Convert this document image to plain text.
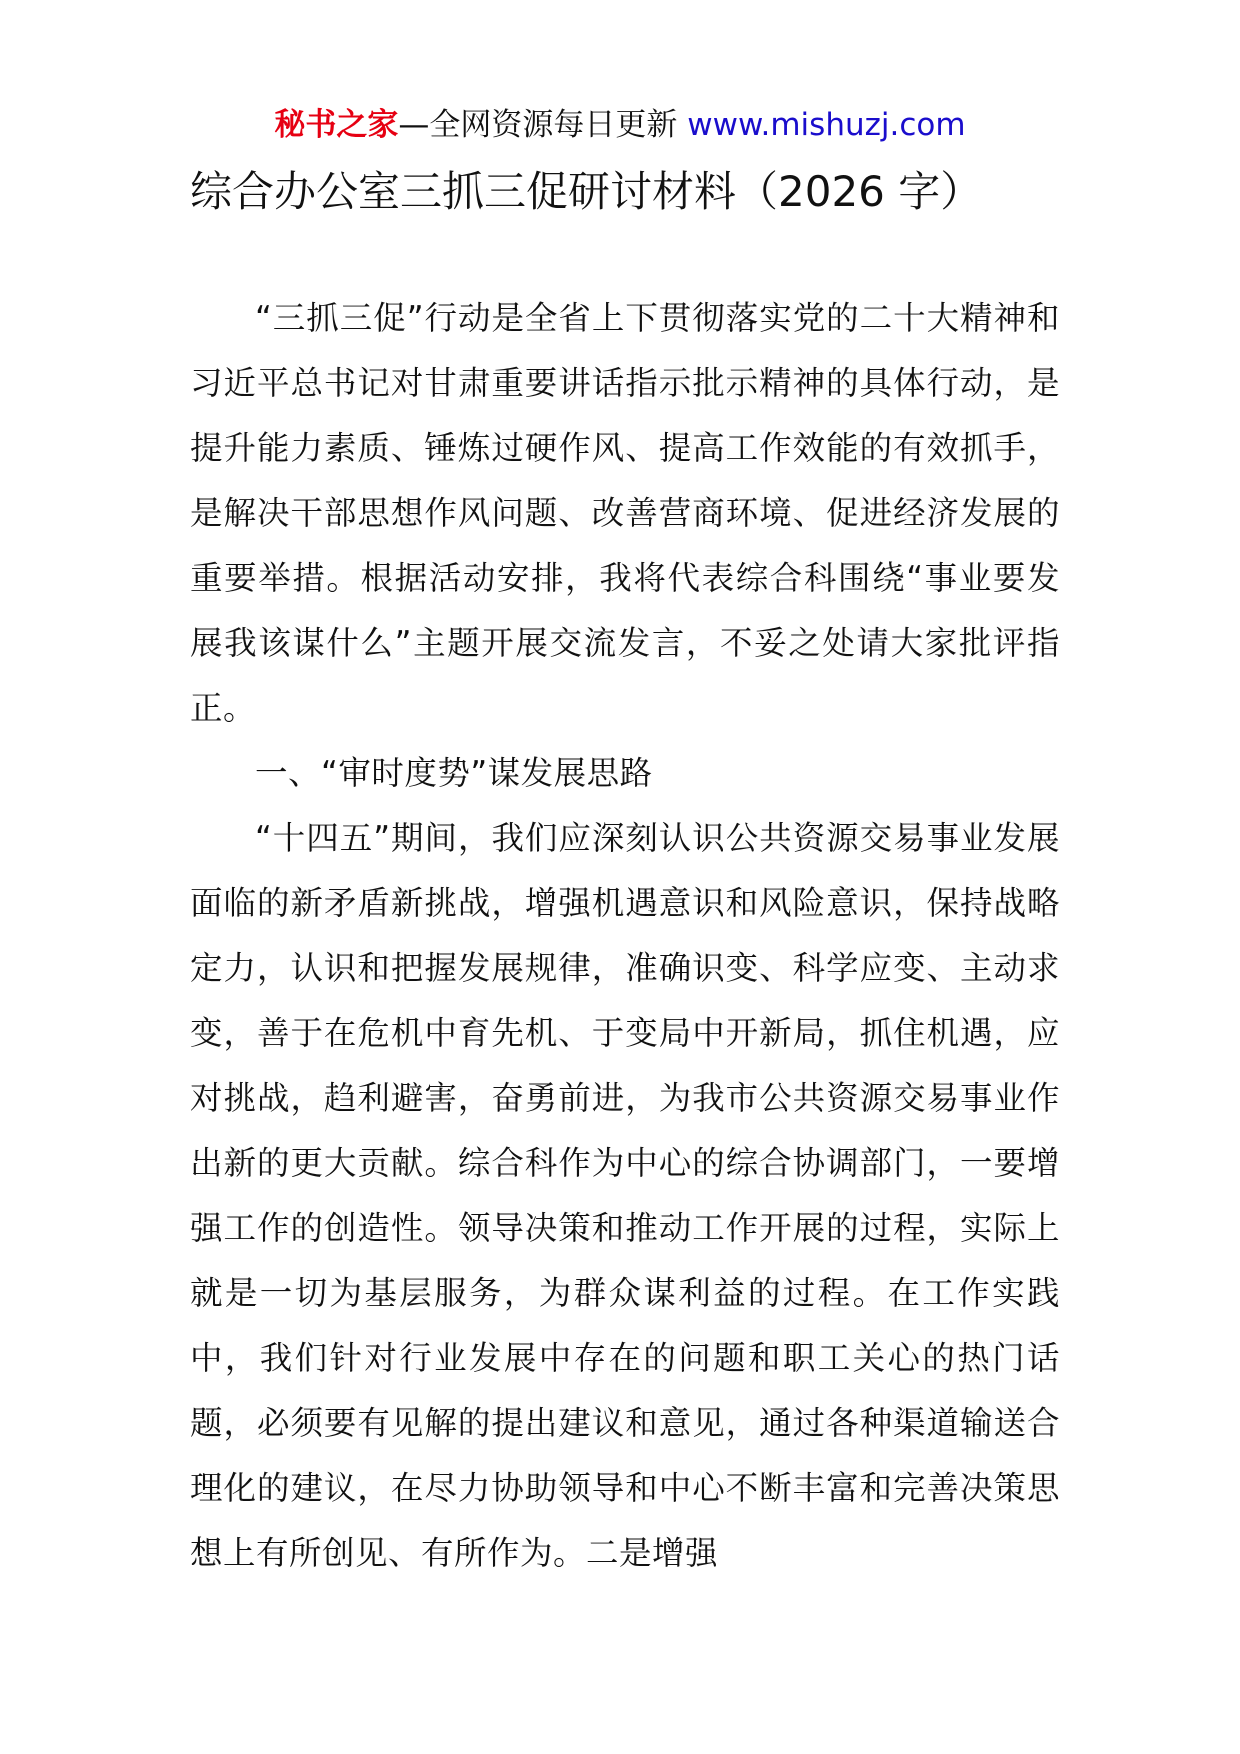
秘书之家—全网资源每日更新 www.mishuzj.com
综合办公室三抓三促研讨材料（2026 字）

“三抓三促”行动是全省上下贯彻落实党的二十大精神和习近平总书记对甘肃重要讲话指示批示精神的具体行动，是提升能力素质、锤炼过硬作风、提高工作效能的有效抓手，是解决干部思想作风问题、改善营商环境、促进经济发展的重要举措。根据活动安排，我将代表综合科围绕“事业要发展我该谋什么”主题开展交流发言，不妥之处请大家批评指正。

一、“审时度势”谋发展思路

“十四五”期间，我们应深刻认识公共资源交易事业发展面临的新矛盾新挑战，增强机遇意识和风险意识，保持战略定力，认识和把握发展规律，准确识变、科学应变、主动求变，善于在危机中育先机、于变局中开新局，抓住机遇，应对挑战，趋利避害，奋勇前进，为我市公共资源交易事业作出新的更大贡献。综合科作为中心的综合协调部门，一要增强工作的创造性。领导决策和推动工作开展的过程，实际上就是一切为基层服务，为群众谋利益的过程。在工作实践中，我们针对行业发展中存在的问题和职工关心的热门话题，必须要有见解的提出建议和意见，通过各种渠道输送合理化的建议，在尽力协助领导和中心不断丰富和完善决策思想上有所创见、有所作为。二是增强
